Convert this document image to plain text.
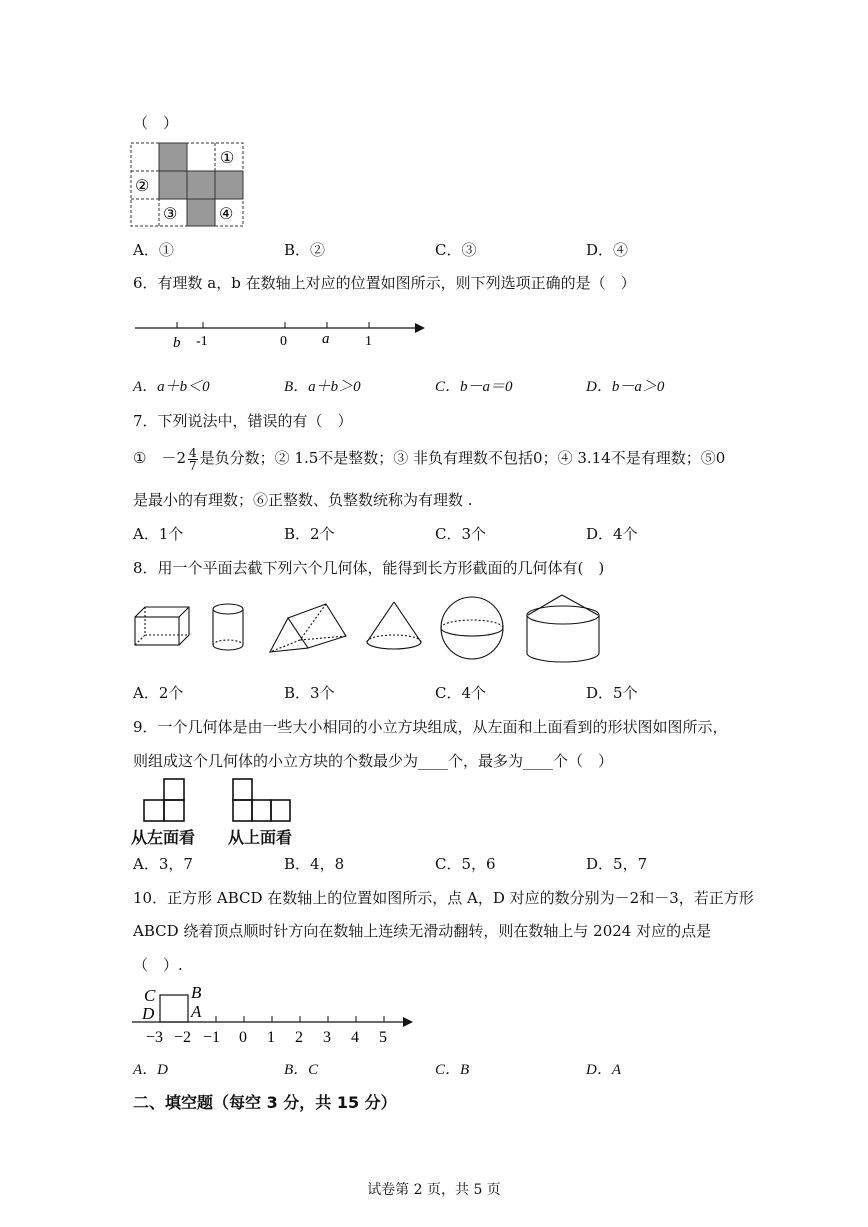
（　）
①
②
③	④
A．①	B．②	C．③	D．④
6．有理数 a，b 在数轴上对应的位置如图所示，则下列选项正确的是（　）
b -1	0 a	1
A．a＋b＜0	B．a＋b＞0	C．b－a＝0	D．b－a＞0
7．下列说法中，错误的有（　）
①　$-2 \frac{4}{7}$ 是负分数；② 1.5不是整数；③ 非负有理数不包括0；④ 3.14不是有理数；⑤0
是最小的有理数；⑥正整数、负整数统称为有理数 .
A．1个	B．2个	C．3个	D．4个
8．用一个平面去截下列六个几何体，能得到长方形截面的几何体有(　)
A．2个	B．3个	C．4个	D．5个
9．一个几何体是由一些大小相同的小立方块组成，从左面和上面看到的形状图如图所示，
则组成这个几何体的小立方块的个数最少为____个，最多为____个（　）
从左面看 从上面看
A．3，7	B．4，8	C．5，6	D．5，7
10．正方形 ABCD 在数轴上的位置如图所示，点 A，D 对应的数分别为－2和－3，若正方形
ABCD 绕着顶点顺时针方向在数轴上连续无滑动翻转，则在数轴上与 2024 对应的点是
（　）.
C
D
B
A
−3 −2 −1 0 1 2 3 4 5
A．D	B．C	C．B	D．A
二、填空题（每空 3 分，共 15 分）
试卷第 2 页，共 5 页
